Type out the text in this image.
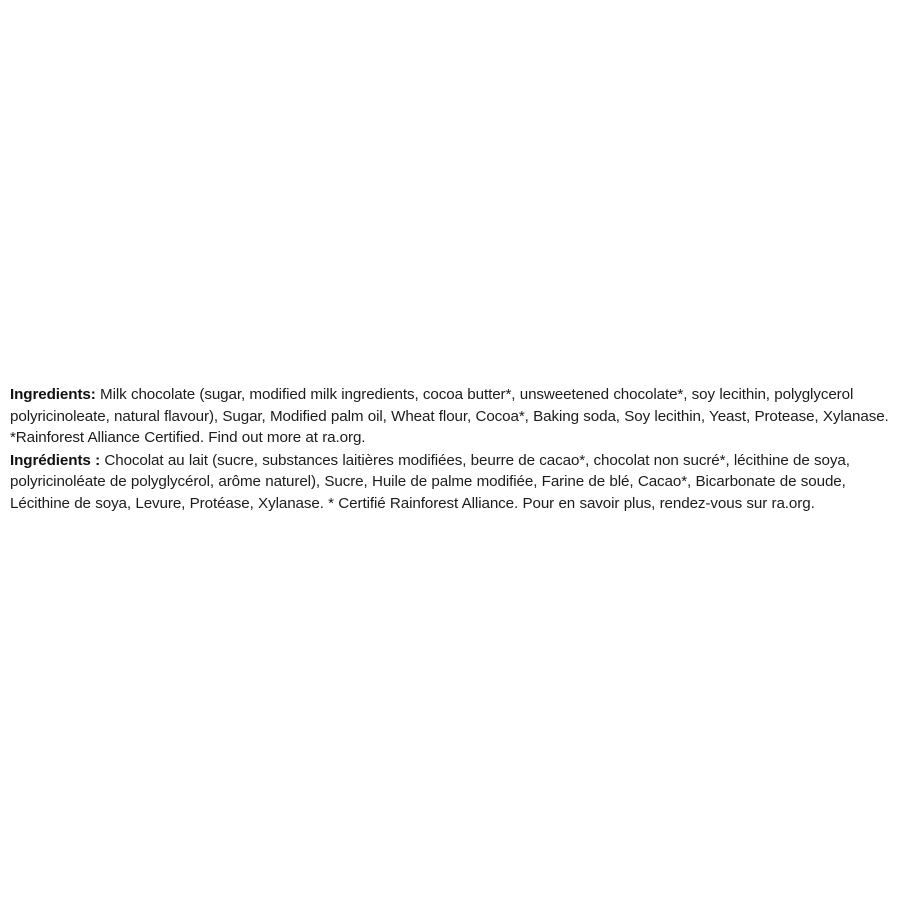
Ingredients: Milk chocolate (sugar, modified milk ingredients, cocoa butter*, unsweetened chocolate*, soy lecithin, polyglycerol polyricinoleate, natural flavour), Sugar, Modified palm oil, Wheat flour, Cocoa*, Baking soda, Soy lecithin, Yeast, Protease, Xylanase. *Rainforest Alliance Certified. Find out more at ra.org.

Ingrédients : Chocolat au lait (sucre, substances laitières modifiées, beurre de cacao*, chocolat non sucré*, lécithine de soya, polyricinoléate de polyglycérol, arôme naturel), Sucre, Huile de palme modifiée, Farine de blé, Cacao*, Bicarbonate de soude, Lécithine de soya, Levure, Protéase, Xylanase. * Certifié Rainforest Alliance. Pour en savoir plus, rendez-vous sur ra.org.
